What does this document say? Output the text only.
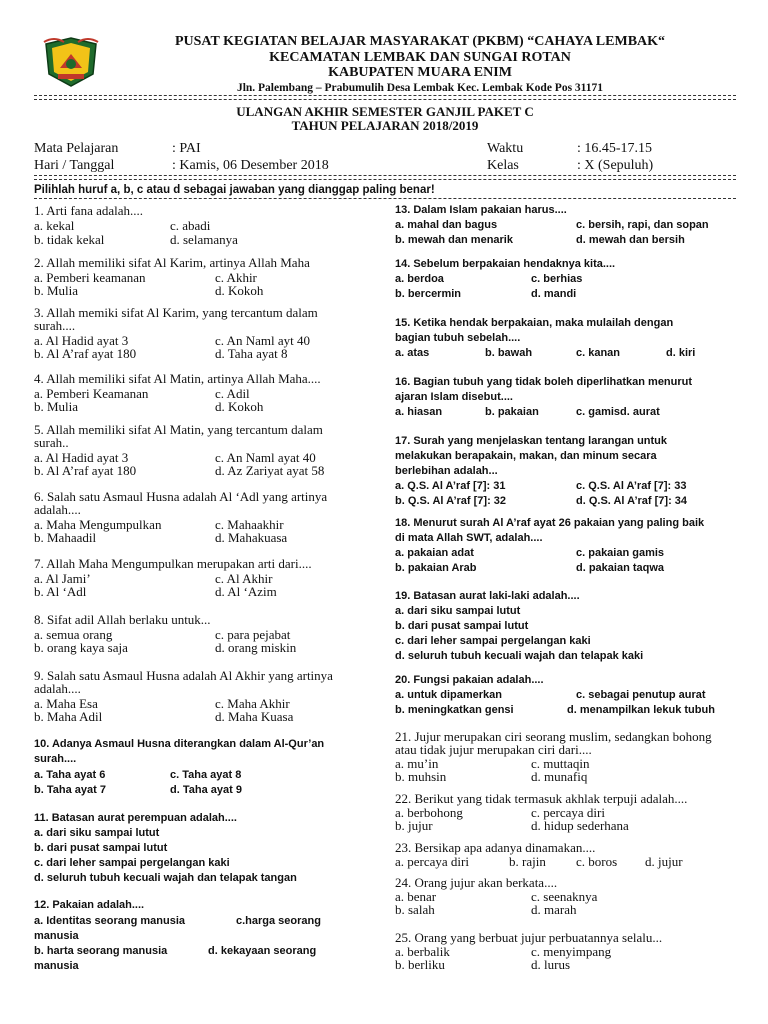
PUSAT KEGIATAN BELAJAR MASYARAKAT (PKBM) “CAHAYA LEMBAK“
KECAMATAN LEMBAK DAN SUNGAI ROTAN
KABUPATEN MUARA ENIM
Jln. Palembang – Prabumulih Desa Lembak Kec. Lembak Kode Pos 31171
ULANGAN AKHIR SEMESTER GANJIL PAKET C
TAHUN PELAJARAN 2018/2019
Mata Pelajaran	: PAI
Hari / Tanggal	: Kamis, 06 Desember 2018
Waktu	: 16.45-17.15
Kelas	: X (Sepuluh)
Pilihlah huruf a, b, c atau d sebagai jawaban yang dianggap paling benar!
1. Arti fana adalah....
a. kekal	c. abadi
b. tidak kekal	d. selamanya
2. Allah memiliki sifat Al Karim, artinya Allah Maha
a. Pemberi keamanan	c. Akhir
b. Mulia	d. Kokoh
3. Allah memiki sifat Al Karim, yang tercantum dalam
surah....
a. Al Hadid ayat 3	c. An Naml ayt 40
b. Al A’raf ayat 180	d. Taha ayat 8
4. Allah memiliki sifat Al Matin, artinya Allah Maha....
a. Pemberi Keamanan	c. Adil
b. Mulia	d. Kokoh
5. Allah memiliki sifat Al Matin, yang tercantum dalam
surah..
a. Al Hadid ayat 3	c. An Naml ayat 40
b. Al A’raf ayat 180	d. Az Zariyat ayat 58
6. Salah satu Asmaul Husna adalah Al ‘Adl yang artinya
adalah....
a. Maha Mengumpulkan	c. Mahaakhir
b. Mahaadil	d. Mahakuasa
7. Allah Maha Mengumpulkan merupakan arti dari....
a. Al Jami’	c. Al Akhir
b. Al ‘Adl	d. Al ‘Azim
8. Sifat adil Allah berlaku untuk...
a. semua orang	c. para pejabat
b. orang kaya saja	d. orang miskin
9. Salah satu Asmaul Husna adalah Al Akhir yang artinya
adalah....
a. Maha Esa	c. Maha Akhir
b. Maha Adil	d. Maha Kuasa
10. Adanya Asmaul Husna diterangkan dalam Al-Qur’an
surah....
a. Taha ayat 6	c. Taha ayat 8
b. Taha ayat 7	d. Taha ayat 9
11. Batasan aurat perempuan adalah....
a. dari siku sampai lutut
b. dari pusat sampai lutut
c. dari leher sampai pergelangan kaki
d. seluruh tubuh kecuali wajah dan telapak tangan
12. Pakaian adalah....
a. Identitas seorang manusia	c.harga seorang
manusia
b. harta seorang manusia	d. kekayaan seorang
manusia
13. Dalam Islam pakaian harus....
a. mahal dan bagus	c. bersih, rapi, dan sopan
b. mewah dan menarik	d. mewah dan bersih
14. Sebelum berpakaian hendaknya kita....
a. berdoa	c. berhias
b. bercermin	d. mandi
15. Ketika hendak berpakaian, maka mulailah dengan
bagian tubuh sebelah....
a. atas	b. bawah	c. kanan	d. kiri
16. Bagian tubuh yang tidak boleh diperlihatkan menurut
ajaran Islam disebut....
a. hiasan	b. pakaian	c. gamisd. aurat
17. Surah yang menjelaskan tentang larangan untuk
melakukan berapakain, makan, dan minum secara
berlebihan adalah...
a. Q.S. Al A’raf [7]: 31	c. Q.S. Al A’raf [7]: 33
b. Q.S. Al A’raf [7]: 32	d. Q.S. Al A’raf [7]: 34
18. Menurut surah Al A’raf ayat 26 pakaian yang paling baik
di mata Allah SWT, adalah....
a. pakaian adat	c. pakaian gamis
b. pakaian Arab	d. pakaian taqwa
19. Batasan aurat laki-laki adalah....
a. dari siku sampai lutut
b. dari pusat sampai lutut
c. dari leher sampai pergelangan kaki
d. seluruh tubuh kecuali wajah dan telapak kaki
20. Fungsi pakaian adalah....
a. untuk dipamerkan	c. sebagai penutup aurat
b. meningkatkan gensi	d. menampilkan lekuk tubuh
21. Jujur merupakan ciri seorang muslim, sedangkan bohong
atau tidak jujur merupakan ciri dari....
a. mu’in	c. muttaqin
b. muhsin	d. munafiq
22. Berikut yang tidak termasuk akhlak terpuji adalah....
a. berbohong	c. percaya diri
b. jujur	d. hidup sederhana
23. Bersikap apa adanya dinamakan....
a. percaya diri	b. rajin c. boros d. jujur
24. Orang jujur akan berkata....
a. benar	c. seenaknya
b. salah	d. marah
25. Orang yang berbuat jujur perbuatannya selalu...
a. berbalik	c. menyimpang
b. berliku	d. lurus
